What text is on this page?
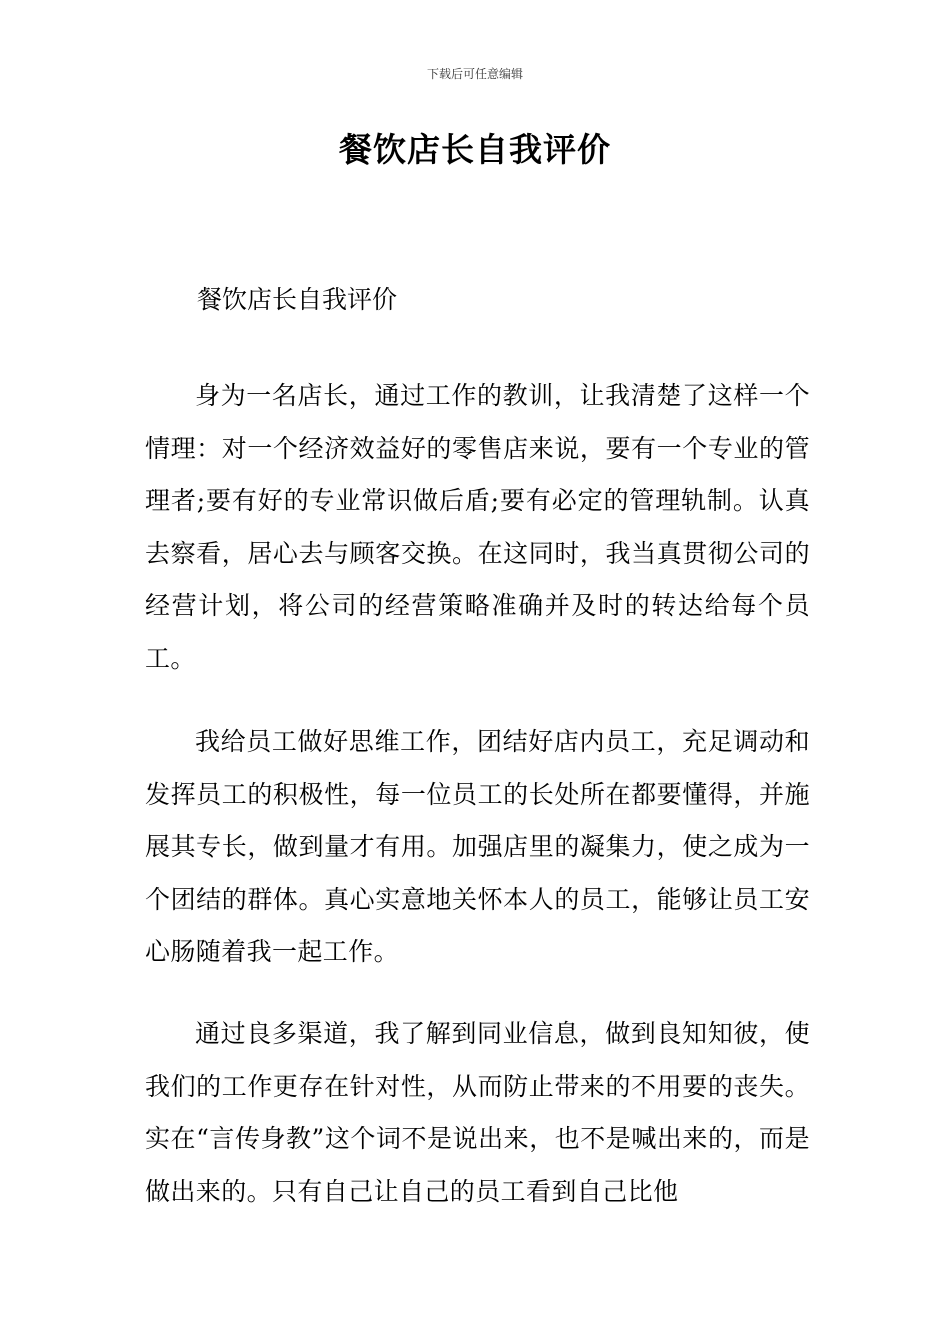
下载后可任意编辑
餐饮店长自我评价

餐饮店长自我评价

身为一名店长，通过工作的教训，让我清楚了这样一个情理：对一个经济效益好的零售店来说，要有一个专业的管理者;要有好的专业常识做后盾;要有必定的管理轨制。认真去察看，居心去与顾客交换。在这同时，我当真贯彻公司的经营计划，将公司的经营策略准确并及时的转达给每个员工。

我给员工做好思维工作，团结好店内员工，充足调动和发挥员工的积极性，每一位员工的长处所在都要懂得，并施展其专长，做到量才有用。加强店里的凝集力，使之成为一个团结的群体。真心实意地关怀本人的员工，能够让员工安心肠随着我一起工作。

通过良多渠道，我了解到同业信息，做到良知知彼，使我们的工作更存在针对性，从而防止带来的不用要的丧失。实在“言传身教”这个词不是说出来，也不是喊出来的，而是做出来的。只有自己让自己的员工看到自己比他
